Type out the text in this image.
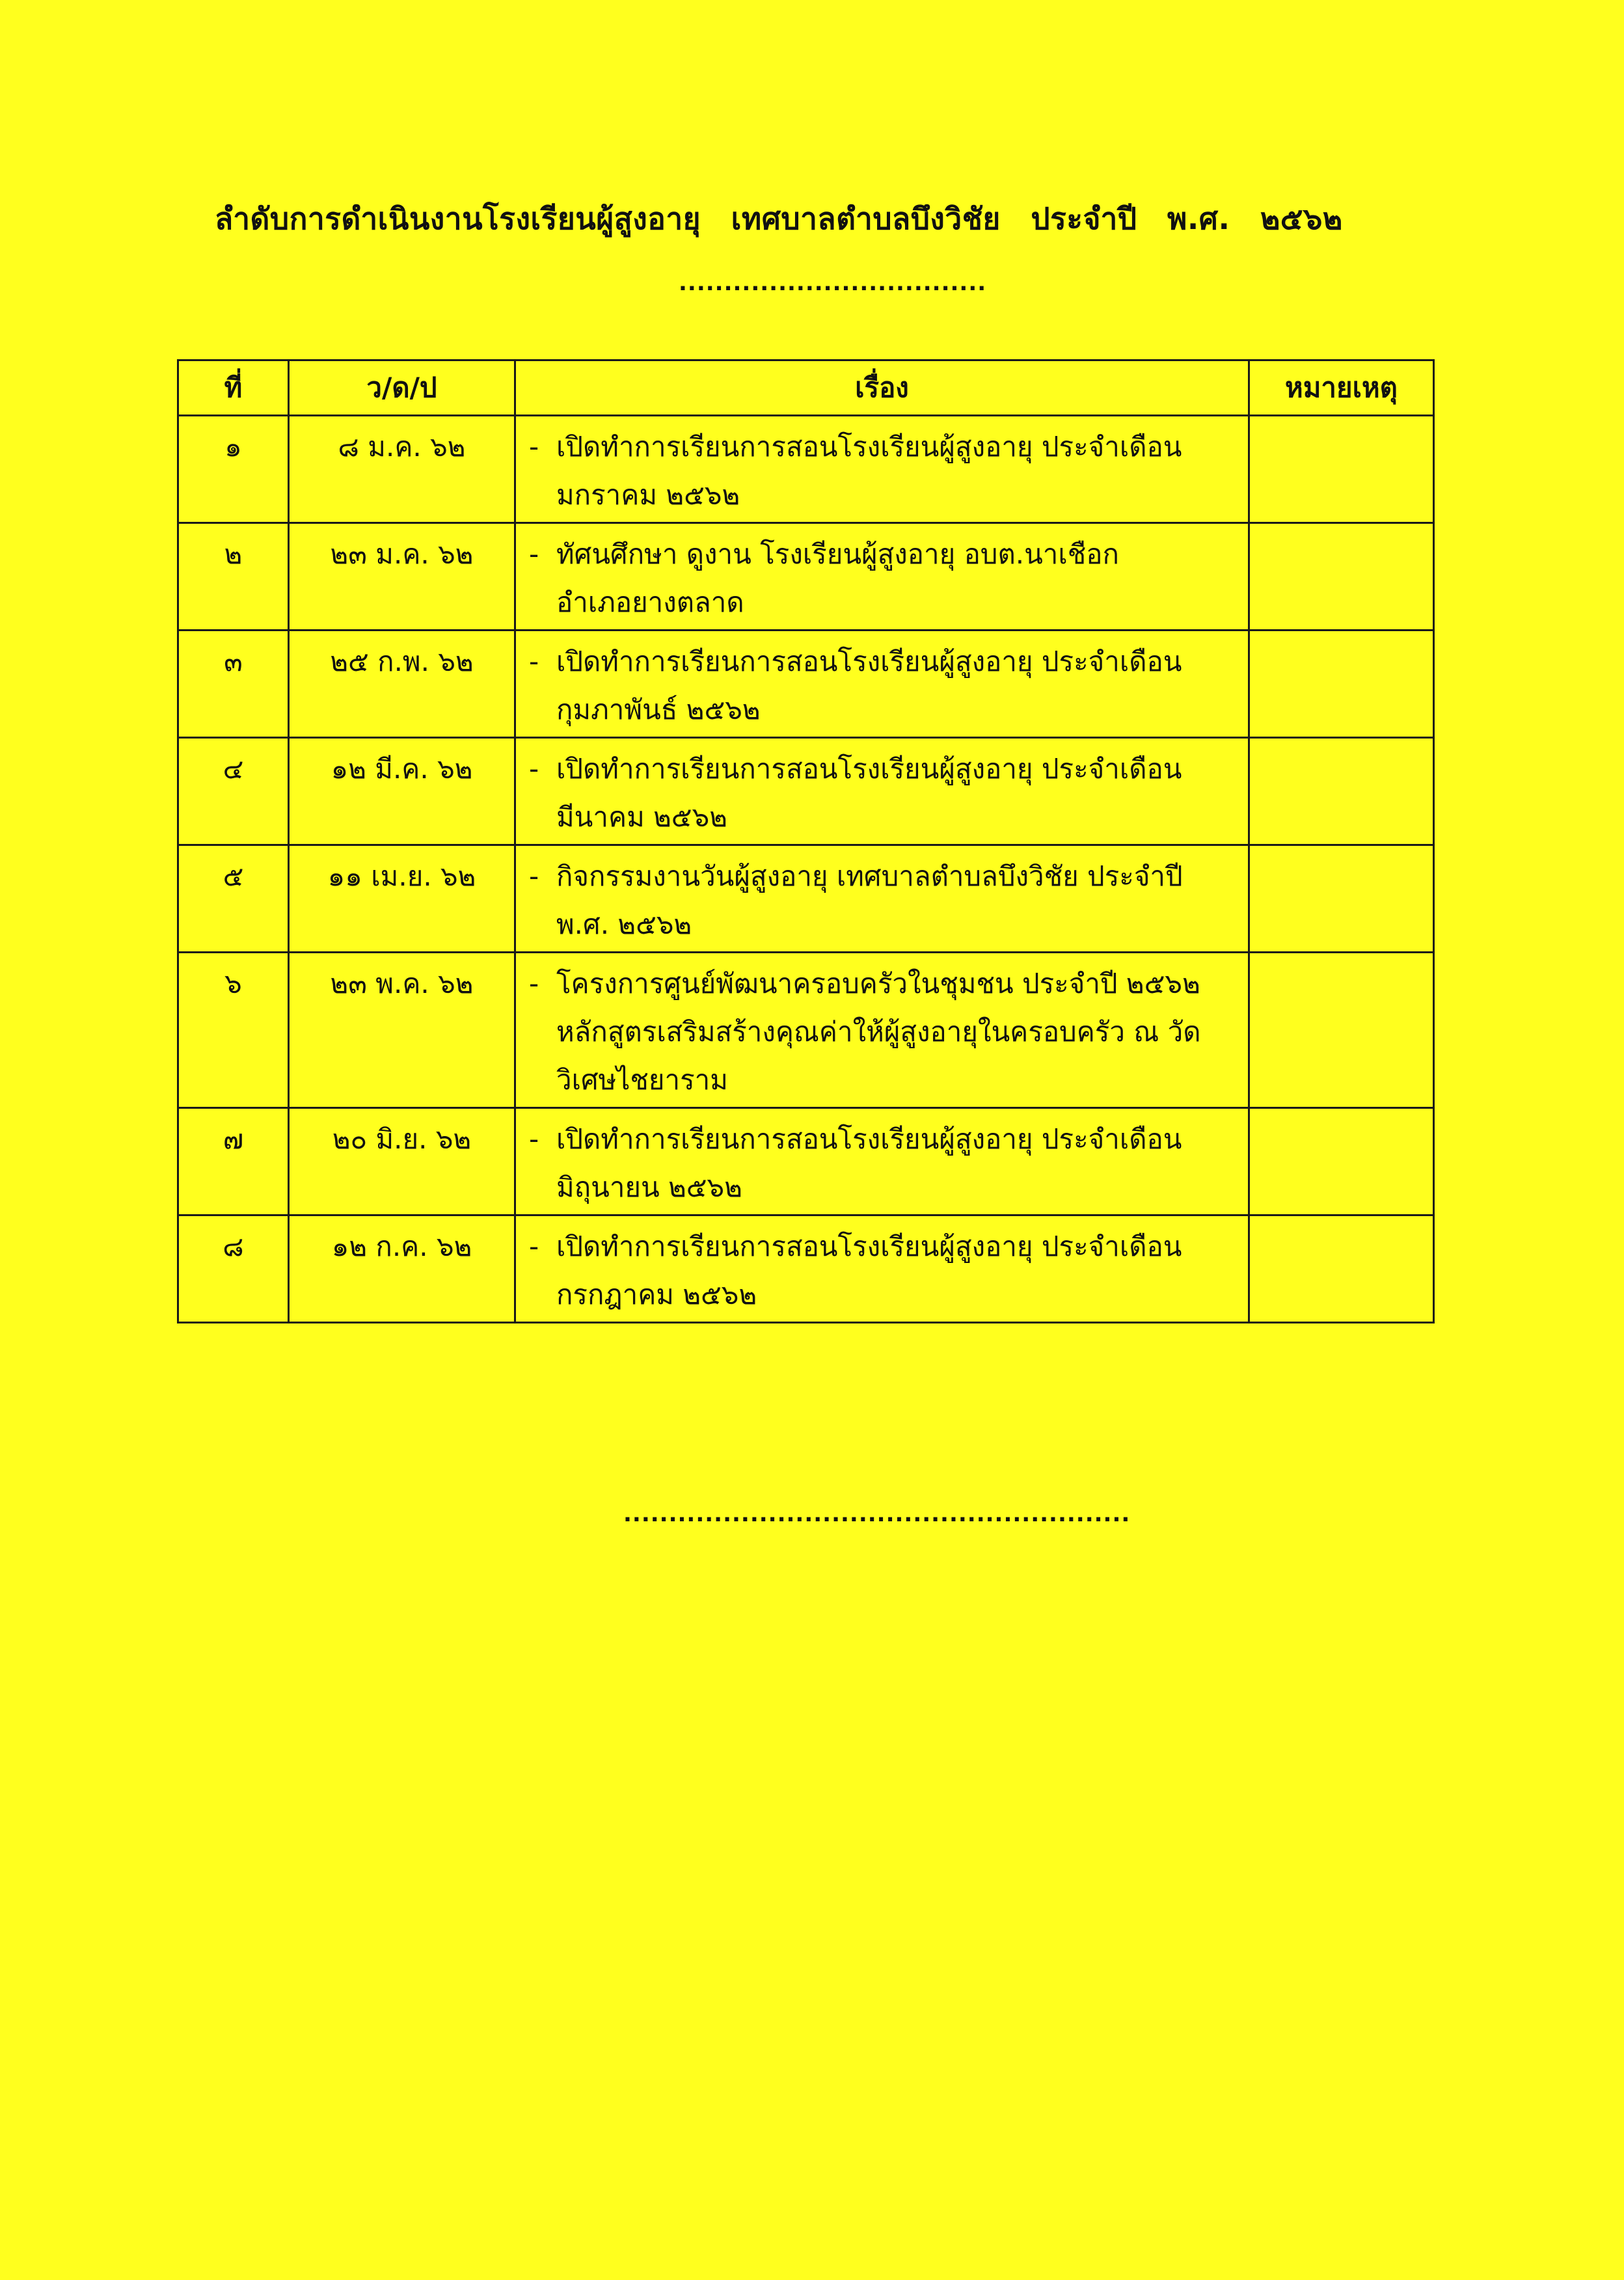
ลำดับการดำเนินงานโรงเรียนผู้สูงอายุ เทศบาลตำบลบึงวิชัย ประจำปี พ.ศ. ๒๕๖๒
..................................
ที่	ว/ด/ป	เรื่อง	หมายเหตุ
๑	๘ ม.ค. ๖๒	- เปิดทำการเรียนการสอนโรงเรียนผู้สูงอายุ ประจำเดือน
มกราคม ๒๕๖๒	

๒	๒๓ ม.ค. ๖๒	- ทัศนศึกษา ดูงาน โรงเรียนผู้สูงอายุ อบต.นาเชือก
อำเภอยางตลาด	

๓	๒๕ ก.พ. ๖๒	- เปิดทำการเรียนการสอนโรงเรียนผู้สูงอายุ ประจำเดือน
กุมภาพันธ์ ๒๕๖๒	

๔	๑๒ มี.ค. ๖๒	- เปิดทำการเรียนการสอนโรงเรียนผู้สูงอายุ ประจำเดือน
มีนาคม ๒๕๖๒	

๕	๑๑ เม.ย. ๖๒	- กิจกรรมงานวันผู้สูงอายุ เทศบาลตำบลบึงวิชัย ประจำปี
พ.ศ. ๒๕๖๒	

๖	๒๓ พ.ค. ๖๒	- โครงการศูนย์พัฒนาครอบครัวในชุมชน ประจำปี ๒๕๖๒
หลักสูตรเสริมสร้างคุณค่าให้ผู้สูงอายุในครอบครัว ณ วัด
วิเศษไชยาราม	

๗	๒๐ มิ.ย. ๖๒	- เปิดทำการเรียนการสอนโรงเรียนผู้สูงอายุ ประจำเดือน
มิถุนายน ๒๕๖๒	

๘	๑๒ ก.ค. ๖๒	- เปิดทำการเรียนการสอนโรงเรียนผู้สูงอายุ ประจำเดือน
กรกฎาคม ๒๕๖๒	

........................................................
